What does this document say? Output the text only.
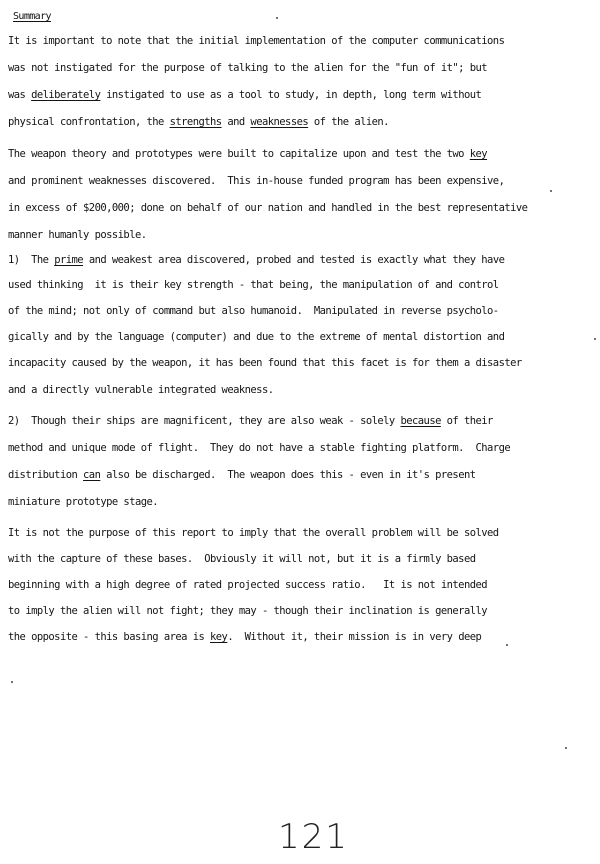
Summary
It is important to note that the initial implementation of the computer communications
was not instigated for the purpose of talking to the alien for the "fun of it"; but
was deliberately instigated to use as a tool to study, in depth, long term without
physical confrontation, the strengths and weaknesses of the alien.
The weapon theory and prototypes were built to capitalize upon and test the two key
and prominent weaknesses discovered.  This in-house funded program has been expensive,
in excess of $200,000; done on behalf of our nation and handled in the best representative
manner humanly possible.
1)  The prime and weakest area discovered, probed and tested is exactly what they have
used thinking  it is their key strength - that being, the manipulation of and control
of the mind; not only of command but also humanoid.  Manipulated in reverse psycholo-
gically and by the language (computer) and due to the extreme of mental distortion and
incapacity caused by the weapon, it has been found that this facet is for them a disaster
and a directly vulnerable integrated weakness.
2)  Though their ships are magnificent, they are also weak - solely because of their
method and unique mode of flight.  They do not have a stable fighting platform.  Charge
distribution can also be discharged.  The weapon does this - even in it's present
miniature prototype stage.
It is not the purpose of this report to imply that the overall problem will be solved
with the capture of these bases.  Obviously it will not, but it is a firmly based
beginning with a high degree of rated projected success ratio.   It is not intended
to imply the alien will not fight; they may - though their inclination is generally
the opposite - this basing area is key.  Without it, their mission is in very deep
121
